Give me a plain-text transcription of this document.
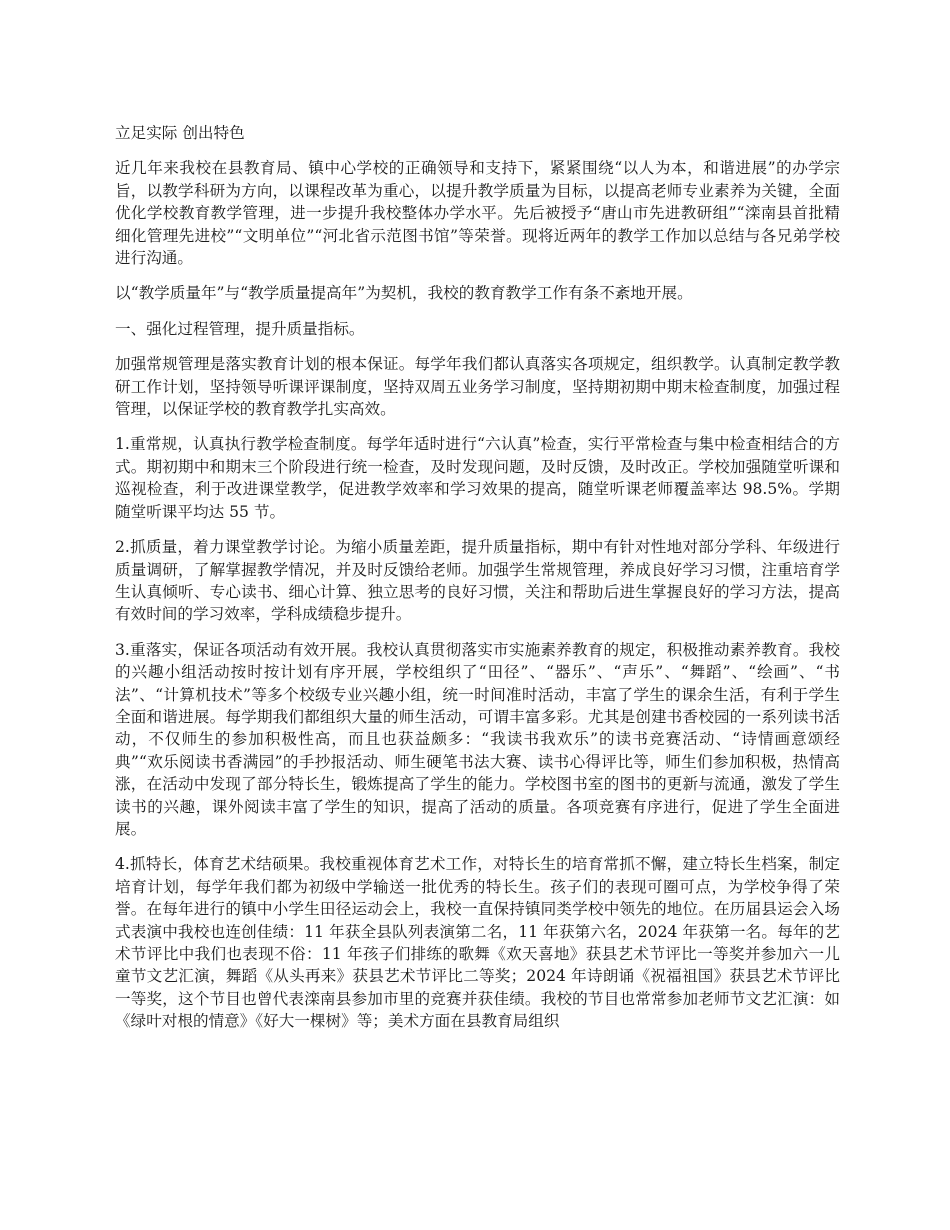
立足实际 创出特色

近几年来我校在县教育局、镇中心学校的正确领导和支持下，紧紧围绕“以人为本，和谐进展”的办学宗旨，以教学科研为方向，以课程改革为重心，以提升教学质量为目标，以提高老师专业素养为关键，全面优化学校教育教学管理，进一步提升我校整体办学水平。先后被授予“唐山市先进教研组”“滦南县首批精细化管理先进校”“文明单位”“河北省示范图书馆”等荣誉。现将近两年的教学工作加以总结与各兄弟学校进行沟通。

以“教学质量年”与“教学质量提高年”为契机，我校的教育教学工作有条不紊地开展。

一、强化过程管理，提升质量指标。

加强常规管理是落实教育计划的根本保证。每学年我们都认真落实各项规定，组织教学。认真制定教学教研工作计划，坚持领导听课评课制度，坚持双周五业务学习制度，坚持期初期中期末检查制度，加强过程管理，以保证学校的教育教学扎实高效。

1.重常规，认真执行教学检查制度。每学年适时进行“六认真”检查，实行平常检查与集中检查相结合的方式。期初期中和期末三个阶段进行统一检查，及时发现问题，及时反馈，及时改正。学校加强随堂听课和巡视检查，利于改进课堂教学，促进教学效率和学习效果的提高，随堂听课老师覆盖率达 98.5%。学期随堂听课平均达 55 节。

2.抓质量，着力课堂教学讨论。为缩小质量差距，提升质量指标，期中有针对性地对部分学科、年级进行质量调研，了解掌握教学情况，并及时反馈给老师。加强学生常规管理，养成良好学习习惯，注重培育学生认真倾听、专心读书、细心计算、独立思考的良好习惯，关注和帮助后进生掌握良好的学习方法，提高有效时间的学习效率，学科成绩稳步提升。

3.重落实，保证各项活动有效开展。我校认真贯彻落实市实施素养教育的规定，积极推动素养教育。我校的兴趣小组活动按时按计划有序开展，学校组织了“田径”、“器乐”、“声乐”、“舞蹈”、“绘画”、“书法”、“计算机技术”等多个校级专业兴趣小组，统一时间准时活动，丰富了学生的课余生活，有利于学生全面和谐进展。每学期我们都组织大量的师生活动，可谓丰富多彩。尤其是创建书香校园的一系列读书活动，不仅师生的参加积极性高，而且也获益颇多：“我读书我欢乐”的读书竞赛活动、“诗情画意颂经典”“欢乐阅读书香满园”的手抄报活动、师生硬笔书法大赛、读书心得评比等，师生们参加积极，热情高涨，在活动中发现了部分特长生，锻炼提高了学生的能力。学校图书室的图书的更新与流通，激发了学生读书的兴趣，课外阅读丰富了学生的知识，提高了活动的质量。各项竞赛有序进行，促进了学生全面进展。

4.抓特长，体育艺术结硕果。我校重视体育艺术工作，对特长生的培育常抓不懈，建立特长生档案，制定培育计划，每学年我们都为初级中学输送一批优秀的特长生。孩子们的表现可圈可点，为学校争得了荣誉。在每年进行的镇中小学生田径运动会上，我校一直保持镇同类学校中领先的地位。在历届县运会入场式表演中我校也连创佳绩：11 年获全县队列表演第二名，11 年获第六名，2024 年获第一名。每年的艺术节评比中我们也表现不俗：11 年孩子们排练的歌舞《欢天喜地》获县艺术节评比一等奖并参加六一儿童节文艺汇演，舞蹈《从头再来》获县艺术节评比二等奖；2024 年诗朗诵《祝福祖国》获县艺术节评比一等奖，这个节目也曾代表滦南县参加市里的竞赛并获佳绩。我校的节目也常常参加老师节文艺汇演：如《绿叶对根的情意》《好大一棵树》等；美术方面在县教育局组织
